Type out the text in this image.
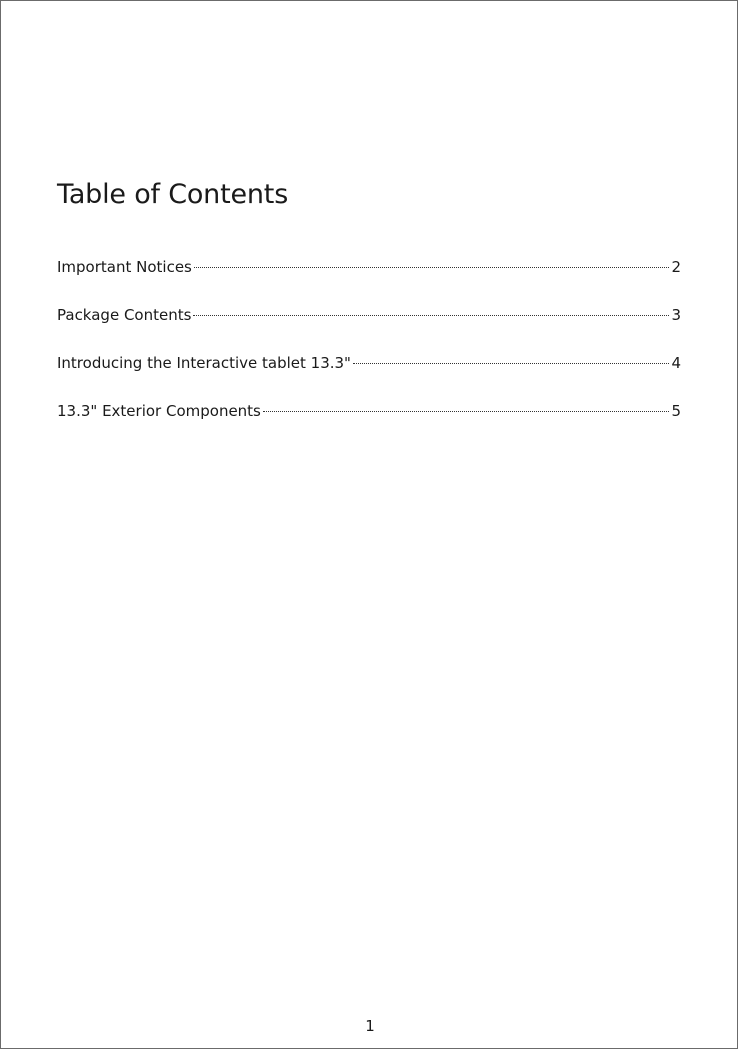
Table of Contents
Important Notices	2
Package Contents	3
Introducing the Interactive tablet 13.3"	4
13.3" Exterior Components	5
1
